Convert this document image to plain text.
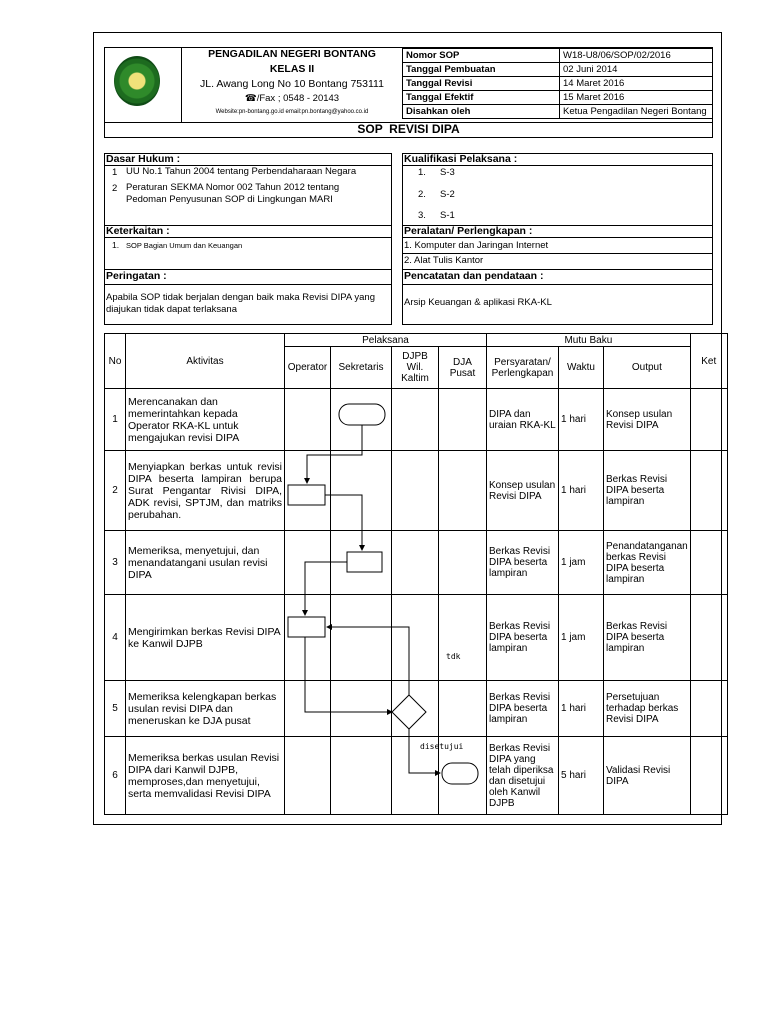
PENGADILAN NEGERI BONTANG
KELAS II
JL. Awang Long No 10 Bontang 753111
☎/Fax ; 0548 - 20143
Website:pn-bontang.go.id email:pn.bontang@yahoo.co.id
Nomor SOP	W18-U8/06/SOP/02/2016
Tanggal Pembuatan	02 Juni 2014
Tanggal Revisi	14 Maret 2016
Tanggal Efektif	15 Maret 2016
Disahkan oleh	Ketua Pengadilan Negeri Bontang
SOP  REVISI DIPA
Dasar Hukum :
1 UU No.1 Tahun 2004 tentang Perbendaharaan Negara
2 Peraturan SEKMA Nomor 002 Tahun 2012 tentang Pedoman Penyusunan SOP di Lingkungan MARI
Keterkaitan :
1. SOP Bagian Umum dan Keuangan
Peringatan :
Apabila SOP tidak berjalan dengan baik maka Revisi DIPA yang diajukan tidak dapat terlaksana
Kualifikasi Pelaksana :
1. S-3
2. S-2
3. S-1
Peralatan/ Perlengkapan :
1. Komputer dan Jaringan Internet
2. Alat Tulis Kantor
Pencatatan dan pendataan :
Arsip Keuangan & aplikasi RKA-KL
No	Aktivitas	Pelaksana				Mutu Baku			Ket
		Operator	Sekretaris	DJPB Wil. Kaltim	DJA Pusat	Persyaratan/ Perlengkapan	Waktu	Output	
1	Merencanakan dan memerintahkan kepada Operator RKA-KL untuk mengajukan revisi DIPA					DIPA dan uraian RKA-KL	1 hari	Konsep usulan Revisi DIPA	
2	Menyiapkan berkas untuk revisi DIPA beserta lampiran berupa Surat Pengantar Rivisi DIPA, ADK revisi, SPTJM, dan matriks perubahan.					Konsep usulan Revisi DIPA	1 hari	Berkas Revisi DIPA beserta lampiran	
3	Memeriksa, menyetujui, dan menandatangani usulan revisi DIPA					Berkas Revisi DIPA beserta lampiran	1 jam	Penandatanganan berkas Revisi DIPA beserta lampiran	
4	Mengirimkan berkas Revisi DIPA ke Kanwil DJPB					Berkas Revisi DIPA beserta lampiran	1 jam	Berkas Revisi DIPA beserta lampiran	
5	Memeriksa kelengkapan berkas usulan revisi DIPA dan meneruskan ke DJA pusat					Berkas Revisi DIPA beserta lampiran	1 hari	Persetujuan terhadap berkas Revisi DIPA	
6	Memeriksa berkas usulan Revisi DIPA dari Kanwil DJPB, memproses,dan menyetujui, serta memvalidasi Revisi DIPA					Berkas Revisi DIPA yang telah diperiksa dan disetujui oleh Kanwil DJPB	5 hari	Validasi Revisi DIPA	
tdk
disetujui
